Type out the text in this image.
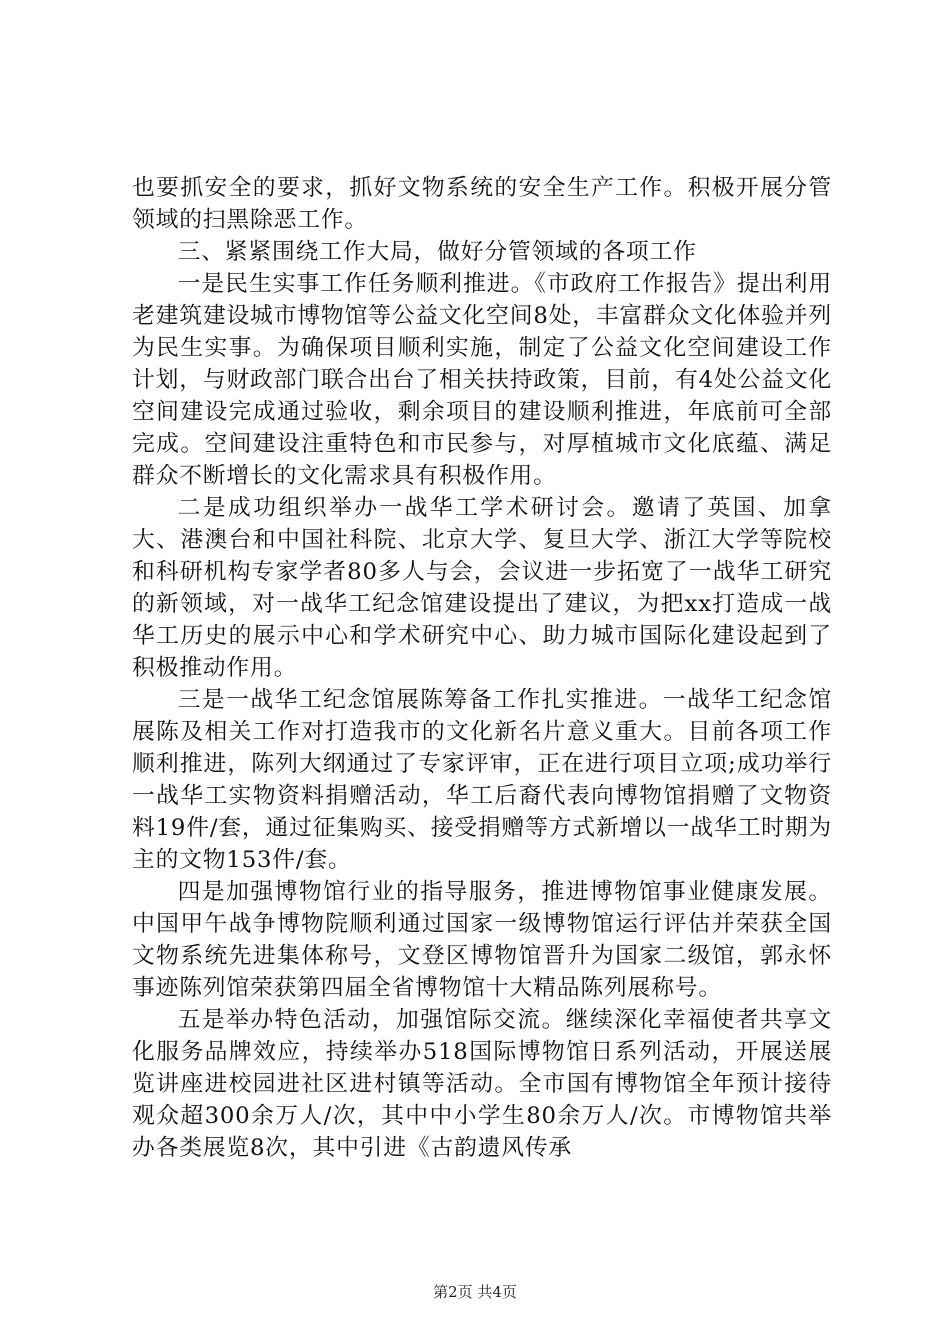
也要抓安全的要求，抓好文物系统的安全生产工作。积极开展分管领域的扫黑除恶工作。

三、紧紧围绕工作大局，做好分管领域的各项工作

一是民生实事工作任务顺利推进。《市政府工作报告》提出利用老建筑建设城市博物馆等公益文化空间8处，丰富群众文化体验并列为民生实事。为确保项目顺利实施，制定了公益文化空间建设工作计划，与财政部门联合出台了相关扶持政策，目前，有4处公益文化空间建设完成通过验收，剩余项目的建设顺利推进，年底前可全部完成。空间建设注重特色和市民参与，对厚植城市文化底蕴、满足群众不断增长的文化需求具有积极作用。

二是成功组织举办一战华工学术研讨会。邀请了英国、加拿大、港澳台和中国社科院、北京大学、复旦大学、浙江大学等院校和科研机构专家学者80多人与会，会议进一步拓宽了一战华工研究的新领域，对一战华工纪念馆建设提出了建议，为把xx打造成一战华工历史的展示中心和学术研究中心、助力城市国际化建设起到了积极推动作用。

三是一战华工纪念馆展陈筹备工作扎实推进。一战华工纪念馆展陈及相关工作对打造我市的文化新名片意义重大。目前各项工作顺利推进，陈列大纲通过了专家评审，正在进行项目立项;成功举行一战华工实物资料捐赠活动，华工后裔代表向博物馆捐赠了文物资料19件/套，通过征集购买、接受捐赠等方式新增以一战华工时期为主的文物153件/套。

四是加强博物馆行业的指导服务，推进博物馆事业健康发展。中国甲午战争博物院顺利通过国家一级博物馆运行评估并荣获全国文物系统先进集体称号，文登区博物馆晋升为国家二级馆，郭永怀事迹陈列馆荣获第四届全省博物馆十大精品陈列展称号。

五是举办特色活动，加强馆际交流。继续深化幸福使者共享文化服务品牌效应，持续举办518国际博物馆日系列活动，开展送展览讲座进校园进社区进村镇等活动。全市国有博物馆全年预计接待观众超300余万人/次，其中中小学生80余万人/次。市博物馆共举办各类展览8次，其中引进《古韵遗风传承

第2页 共4页
